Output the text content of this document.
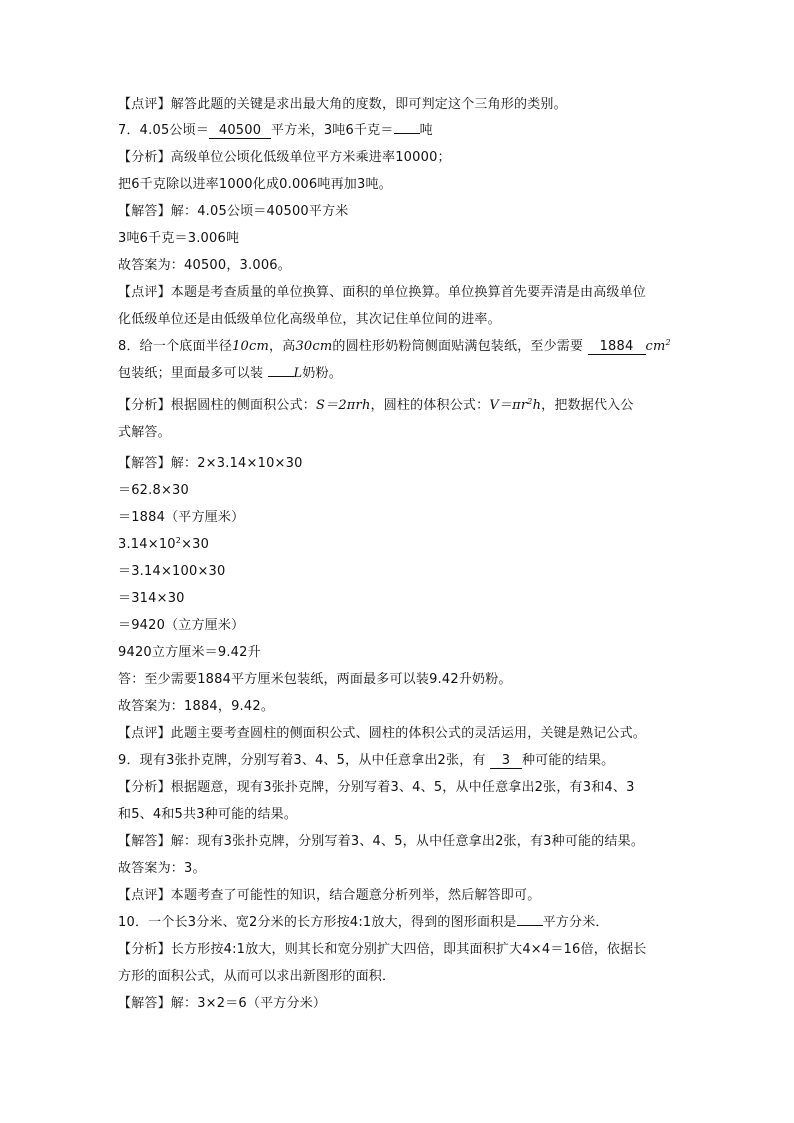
【点评】解答此题的关键是求出最大角的度数，即可判定这个三角形的类别。
7．4.05公顷＝ 40500 平方米，3吨6千克＝ 吨
【分析】高级单位公顷化低级单位平方米乘进率10000；
把6千克除以进率1000化成0.006吨再加3吨。
【解答】解：4.05公顷＝40500平方米
3吨6千克＝3.006吨
故答案为：40500，3.006。
【点评】本题是考查质量的单位换算、面积的单位换算。单位换算首先要弄清是由高级单位
化低级单位还是由低级单位化高级单位，其次记住单位间的进率。
8．给一个底面半径10cm，高30cm的圆柱形奶粉筒侧面贴满包装纸，至少需要 1884 $cm^2$
包装纸；里面最多可以装 L奶粉。
【分析】根据圆柱的侧面积公式：S＝2πrh，圆柱的体积公式：$V=\pi r^2h$，把数据代入公
式解答。
【解答】解：2×3.14×10×30
＝62.8×30
＝1884（平方厘米）
$3.14\times 10^2\times 30$
＝3.14×100×30
＝314×30
＝9420（立方厘米）
9420立方厘米＝9.42升
答：至少需要1884平方厘米包装纸，两面最多可以装9.42升奶粉。
故答案为：1884，9.42。
【点评】此题主要考查圆柱的侧面积公式、圆柱的体积公式的灵活运用，关键是熟记公式。
9．现有3张扑克牌，分别写着3、4、5，从中任意拿出2张，有 3 种可能的结果。
【分析】根据题意，现有3张扑克牌，分别写着3、4、5，从中任意拿出2张，有3和4、3
和5、4和5共3种可能的结果。
【解答】解：现有3张扑克牌，分别写着3、4、5，从中任意拿出2张，有3种可能的结果。
故答案为：3。
【点评】本题考查了可能性的知识，结合题意分析列举，然后解答即可。
10．一个长3分米、宽2分米的长方形按4:1放大，得到的图形面积是 平方分米．
【分析】长方形按4:1放大，则其长和宽分别扩大四倍，即其面积扩大4×4＝16倍，依据长
方形的面积公式，从而可以求出新图形的面积．
【解答】解：3×2＝6（平方分米）
